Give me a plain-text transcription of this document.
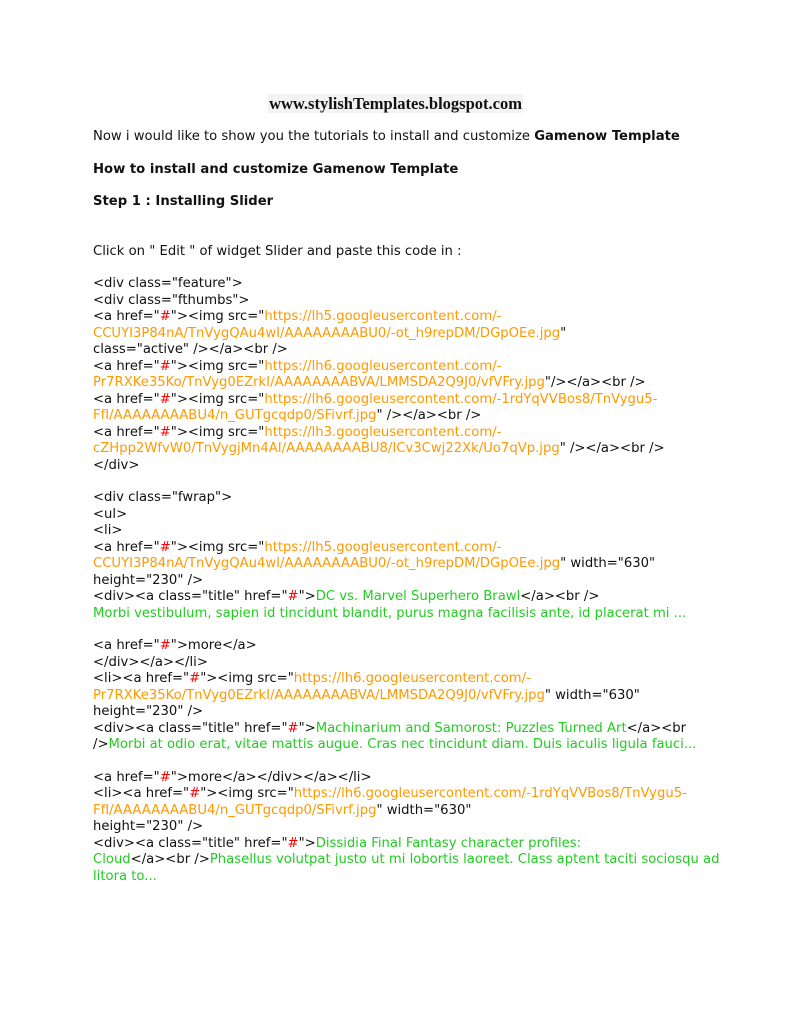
www.stylishTemplates.blogspot.com

Now i would like to show you the tutorials to install and customize Gamenow Template

How to install and customize Gamenow Template

Step 1 : Installing Slider

Click on " Edit " of widget Slider and paste this code in :

<div class="feature">
<div class="fthumbs">
<a href="#"><img src="https://lh5.googleusercontent.com/-
CCUYI3P84nA/TnVygQAu4wI/AAAAAAAABU0/-ot_h9repDM/DGpOEe.jpg"
class="active" /></a><br />
<a href="#"><img src="https://lh6.googleusercontent.com/-
Pr7RXKe35Ko/TnVyg0EZrkI/AAAAAAAABVA/LMMSDA2Q9J0/vfVFry.jpg"/></a><br />
<a href="#"><img src="https://lh6.googleusercontent.com/-1rdYqVVBos8/TnVygu5-
FfI/AAAAAAAABU4/n_GUTgcqdp0/SFivrf.jpg" /></a><br />
<a href="#"><img src="https://lh3.googleusercontent.com/-
cZHpp2WfvW0/TnVygjMn4AI/AAAAAAAABU8/ICv3Cwj22Xk/Uo7qVp.jpg" /></a><br />
</div>
<div class="fwrap">
<ul>
<li>
<a href="#"><img src="https://lh5.googleusercontent.com/-
CCUYI3P84nA/TnVygQAu4wI/AAAAAAAABU0/-ot_h9repDM/DGpOEe.jpg" width="630"
height="230" />
<div><a class="title" href="#">DC vs. Marvel Superhero Brawl</a><br />
Morbi vestibulum, sapien id tincidunt blandit, purus magna facilisis ante, id placerat mi ...
<a href="#">more</a>
</div></a></li>
<li><a href="#"><img src="https://lh6.googleusercontent.com/-
Pr7RXKe35Ko/TnVyg0EZrkI/AAAAAAAABVA/LMMSDA2Q9J0/vfVFry.jpg" width="630"
height="230" />
<div><a class="title" href="#">Machinarium and Samorost: Puzzles Turned Art</a><br
/>Morbi at odio erat, vitae mattis augue. Cras nec tincidunt diam. Duis iaculis ligula fauci...
<a href="#">more</a></div></a></li>
<li><a href="#"><img src="https://lh6.googleusercontent.com/-1rdYqVVBos8/TnVygu5-
FfI/AAAAAAAABU4/n_GUTgcqdp0/SFivrf.jpg" width="630"
height="230" />
<div><a class="title" href="#">Dissidia Final Fantasy character profiles:
Cloud</a><br />Phasellus volutpat justo ut mi lobortis laoreet. Class aptent taciti sociosqu ad litora to...
